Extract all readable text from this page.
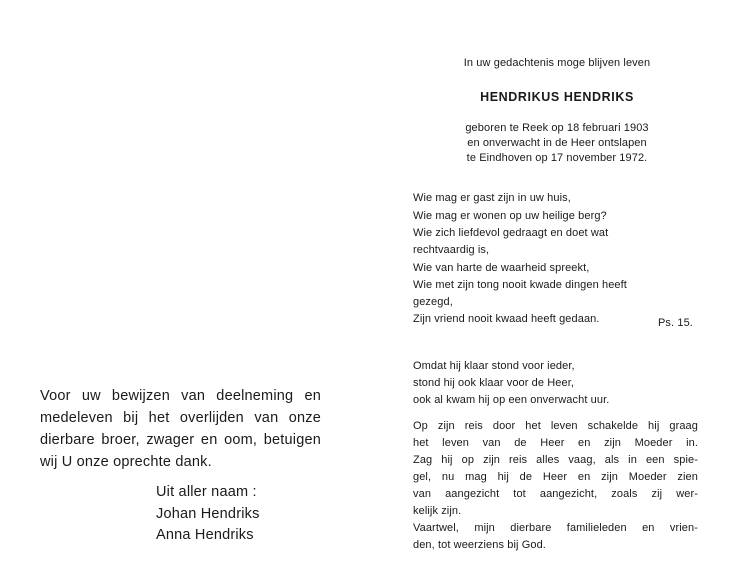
In uw gedachtenis moge blijven leven
HENDRIKUS HENDRIKS
geboren te Reek op 18 februari 1903
en onverwacht in de Heer ontslapen
te Eindhoven op 17 november 1972.
Wie mag er gast zijn in uw huis,
Wie mag er wonen op uw heilige berg?
Wie zich liefdevol gedraagt en doet wat
rechtvaardig is,
Wie van harte de waarheid spreekt,
Wie met zijn tong nooit kwade dingen heeft
gezegd,
Zijn vriend nooit kwaad heeft gedaan.	Ps. 15.
Omdat hij klaar stond voor ieder,
stond hij ook klaar voor de Heer,
ook al kwam hij op een onverwacht uur.
Op zijn reis door het leven schakelde hij graag
het leven van de Heer en zijn Moeder in.
Zag hij op zijn reis alles vaag, als in een spie-
gel, nu mag hij de Heer en zijn Moeder zien
van aangezicht tot aangezicht, zoals zij wer-
kelijk zijn.
Vaartwel, mijn dierbare familieleden en vrien-
den, tot weerziens bij God.
Voor uw bewijzen van deelneming en
medeleven bij het overlijden van onze
dierbare broer, zwager en oom, betuigen
wij U onze oprechte dank.
Uit aller naam :
Johan Hendriks
Anna Hendriks
